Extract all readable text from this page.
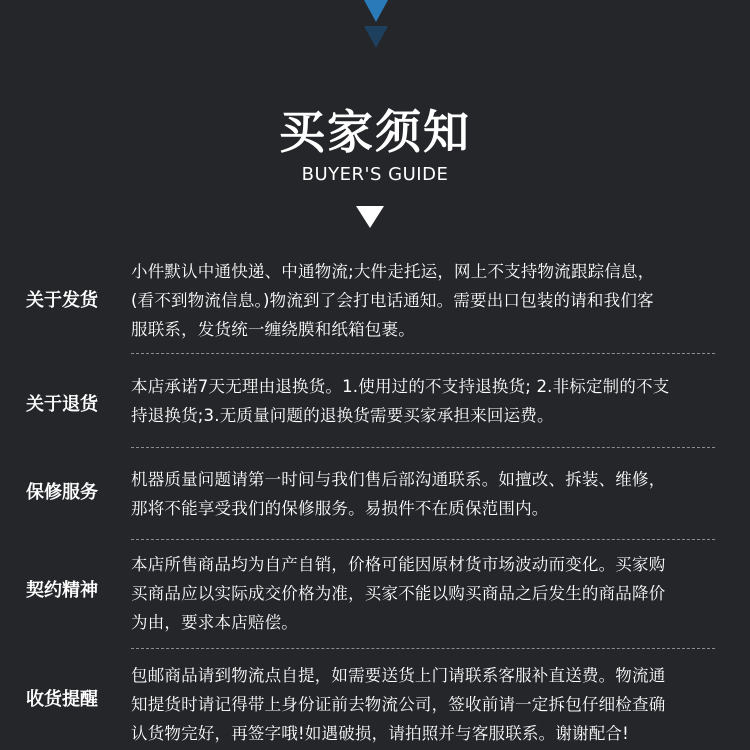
买家须知
BUYER'S GUIDE
关于发货
小件默认中通快递、中通物流;大件走托运，网上不支持物流跟踪信息，
(看不到物流信息。)物流到了会打电话通知。需要出口包装的请和我们客
服联系，发货统一缠绕膜和纸箱包裹。
关于退货
本店承诺7天无理由退换货。1.使用过的不支持退换货; 2.非标定制的不支
持退换货;3.无质量问题的退换货需要买家承担来回运费。
保修服务
机器质量问题请第一时间与我们售后部沟通联系。如擅改、拆装、维修，
那将不能享受我们的保修服务。易损件不在质保范围内。
契约精神
本店所售商品均为自产自销，价格可能因原材货市场波动而变化。买家购
买商品应以实际成交价格为准，买家不能以购买商品之后发生的商品降价
为由，要求本店赔偿。
收货提醒
包邮商品请到物流点自提，如需要送货上门请联系客服补直送费。物流通
知提货时请记得带上身份证前去物流公司，签收前请一定拆包仔细检查确
认货物完好，再签字哦!如遇破损，请拍照并与客服联系。谢谢配合!
